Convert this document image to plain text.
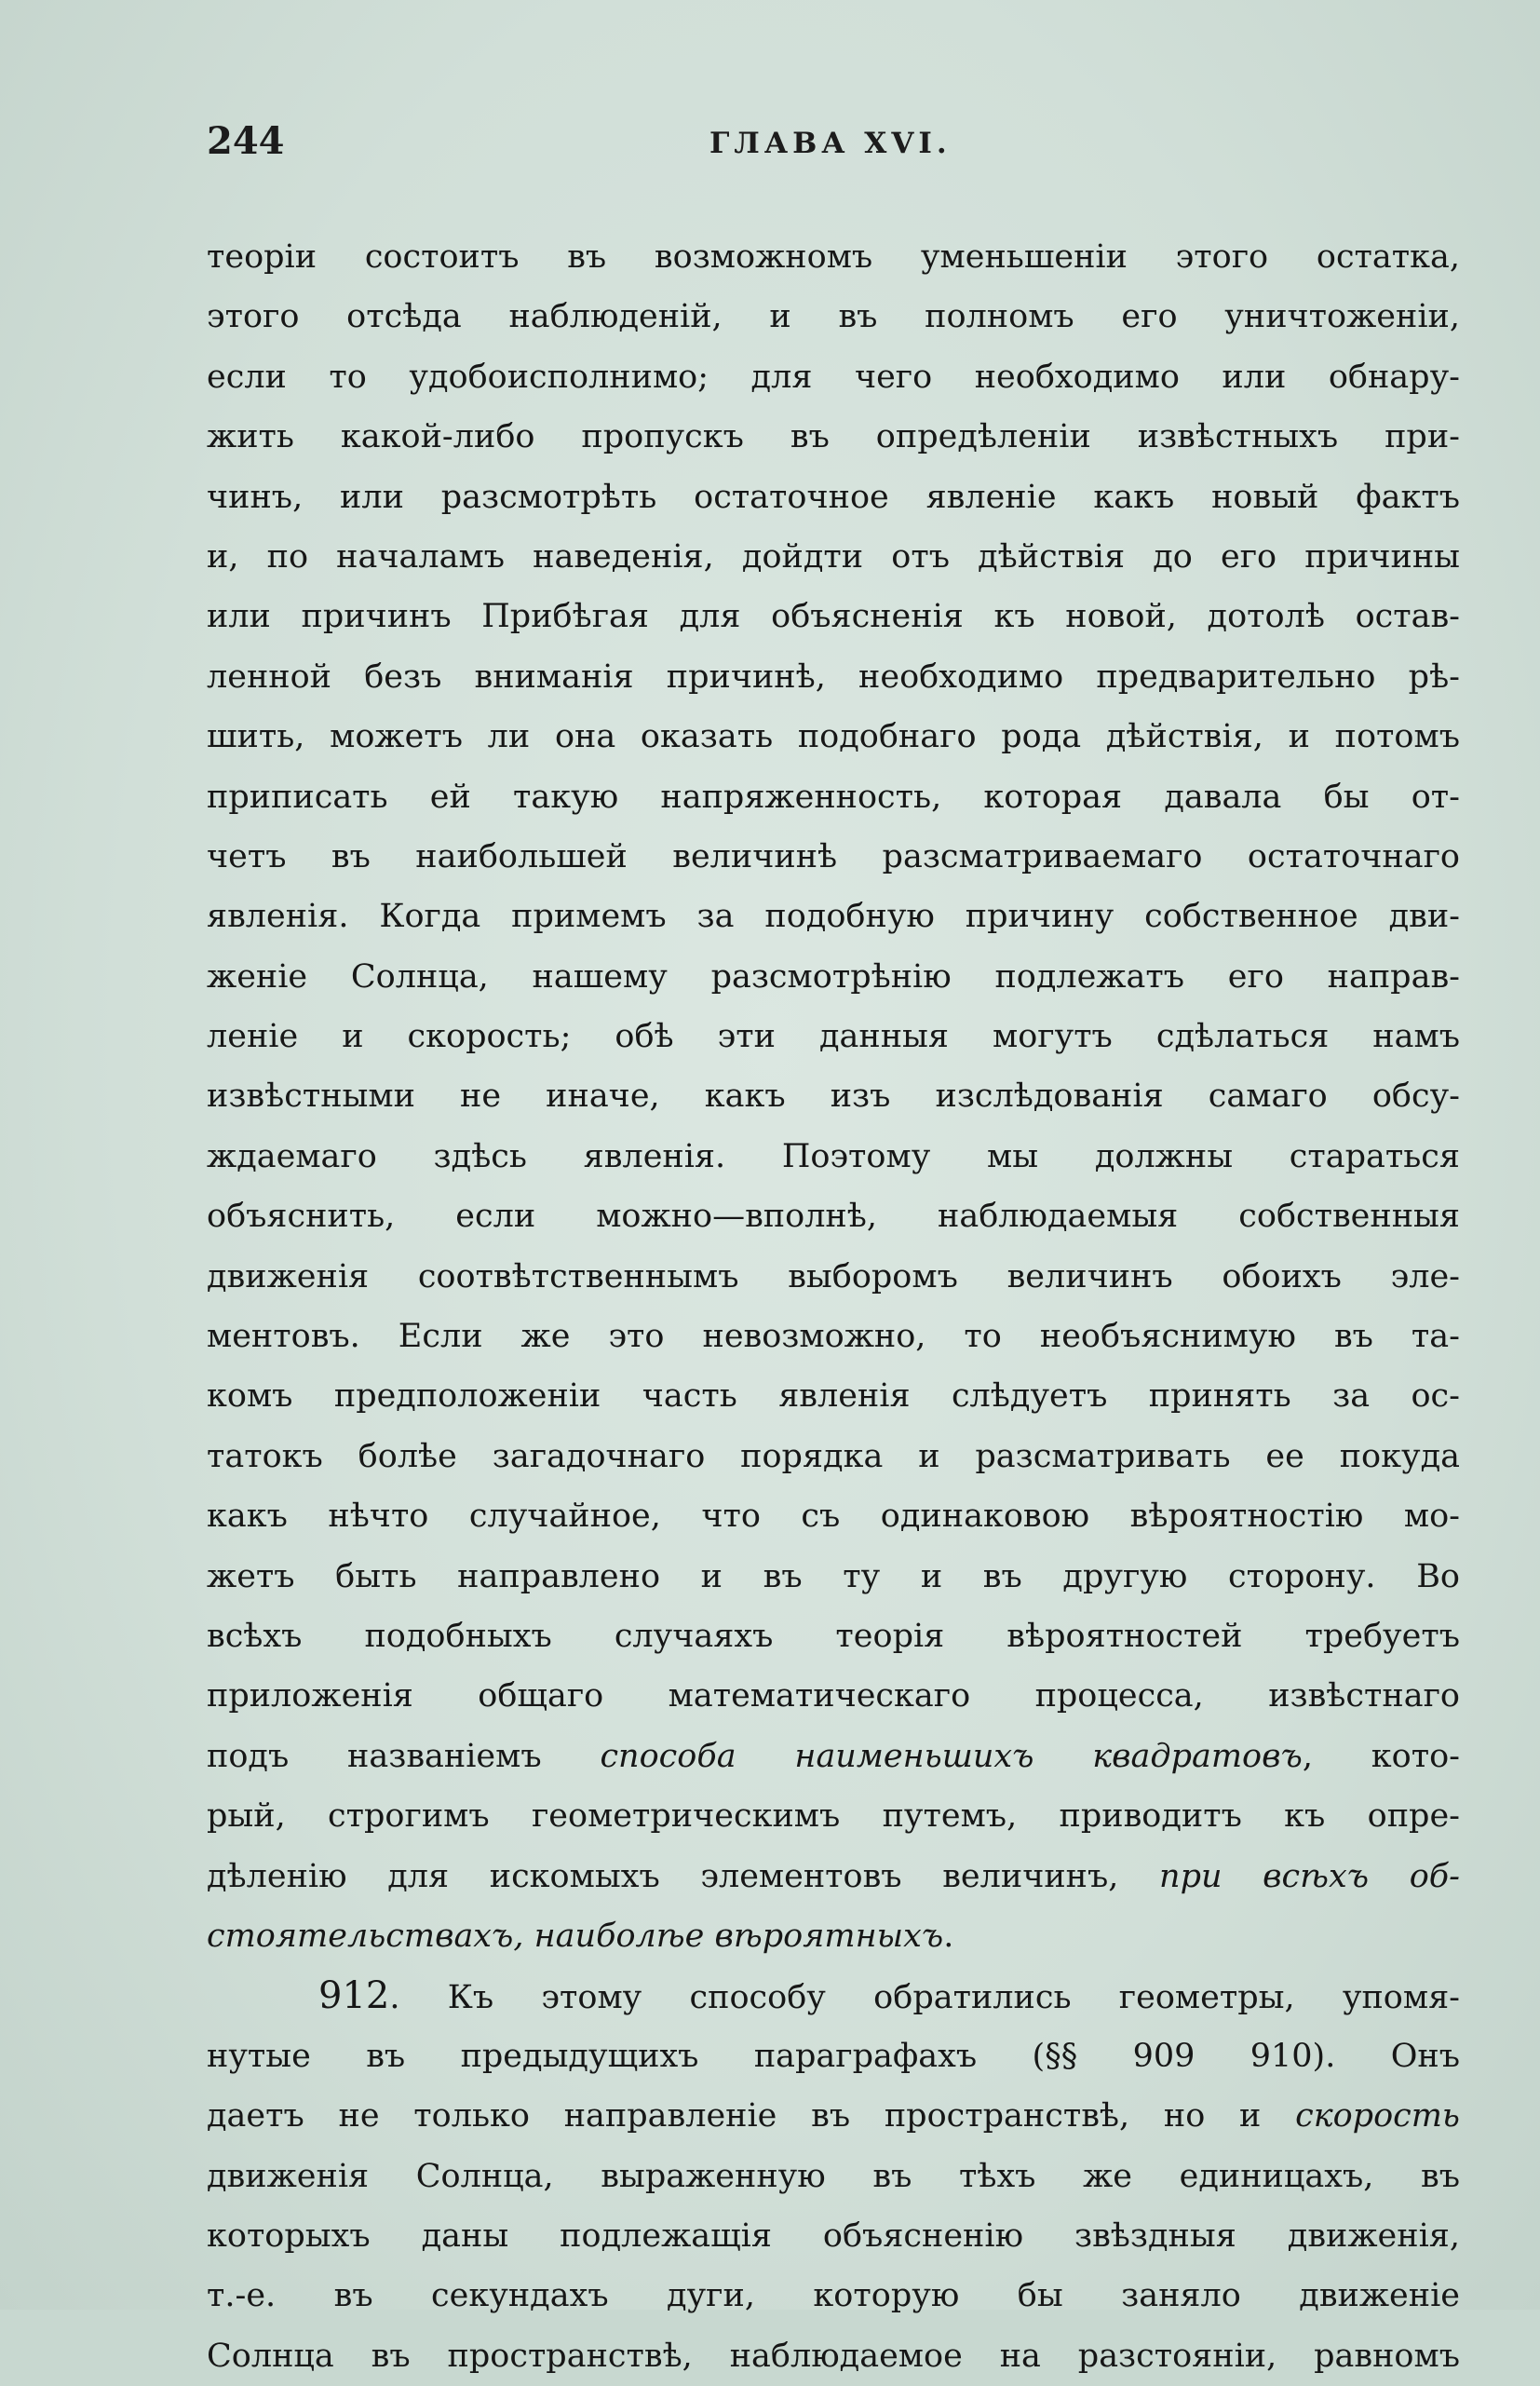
244	ГЛАВА XVI.
теоріи состоитъ въ возможномъ уменьшеніи этого остатка,
этого отсѣда наблюденій, и въ полномъ его уничтоженіи,
если то удобоисполнимо; для чего необходимо или обнару-
жить какой-либо пропускъ въ опредѣленіи извѣстныхъ при-
чинъ, или разсмотрѣть остаточное явленіе какъ новый фактъ
и, по началамъ наведенія, дойдти отъ дѣйствія до его причины
или причинъ Прибѣгая для объясненія къ новой, дотолѣ остав-
ленной безъ вниманія причинѣ, необходимо предварительно рѣ-
шить, можетъ ли она оказать подобнаго рода дѣйствія, и потомъ
приписать ей такую напряженность, которая давала бы от-
четъ въ наибольшей величинѣ разсматриваемаго остаточнаго
явленія. Когда примемъ за подобную причину собственное дви-
женіе Солнца, нашему разсмотрѣнію подлежатъ его направ-
леніе и скорость; обѣ эти данныя могутъ сдѣлаться намъ
извѣстными не иначе, какъ изъ изслѣдованія самаго обсу-
ждаемаго здѣсь явленія. Поэтому мы должны стараться
объяснить, если можно—вполнѣ, наблюдаемыя собственныя
движенія соотвѣтственнымъ выборомъ величинъ обоихъ эле-
ментовъ. Если же это невозможно, то необъяснимую въ та-
комъ предположеніи часть явленія слѣдуетъ принять за ос-
татокъ болѣе загадочнаго порядка и разсматривать ее покуда
какъ нѣчто случайное, что съ одинаковою вѣроятностію мо-
жетъ быть направлено и въ ту и въ другую сторону. Во
всѣхъ подобныхъ случаяхъ теорія вѣроятностей требуетъ
приложенія общаго математическаго процесса, извѣстнаго
подъ названіемъ способа наименьшихъ квадратовъ, кото-
рый, строгимъ геометрическимъ путемъ, приводитъ къ опре-
дѣленію для искомыхъ элементовъ величинъ, при всѣхъ об-
стоятельствахъ, наиболѣе вѣроятныхъ.
912. Къ этому способу обратились геометры, упомя-
нутые въ предыдущихъ параграфахъ (§§ 909 910). Онъ
даетъ не только направленіе въ пространствѣ, но и скорость
движенія Солнца, выраженную въ тѣхъ же единицахъ, въ
которыхъ даны подлежащія объясненію звѣздныя движенія,
т.-е. въ секундахъ дуги, которую бы заняло движеніе
Солнца въ пространствѣ, наблюдаемое на разстояніи, равномъ
